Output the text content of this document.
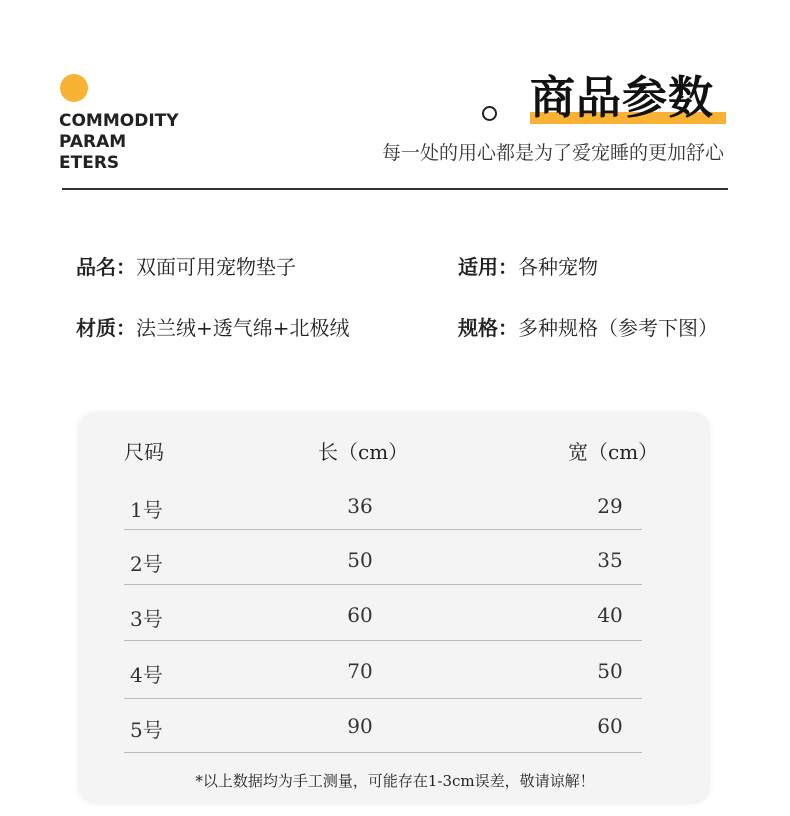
COMMODITY
PARAM
ETERS
商品参数
每一处的用心都是为了爱宠睡的更加舒心
品名：双面可用宠物垫子	适用：各种宠物
材质：法兰绒+透气绵+北极绒	规格：多种规格（参考下图）
尺码	长（cm）	宽（cm）
1号	36	29
2号	50	35
3号	60	40
4号	70	50
5号	90	60
*以上数据均为手工测量，可能存在1-3cm误差，敬请谅解！
